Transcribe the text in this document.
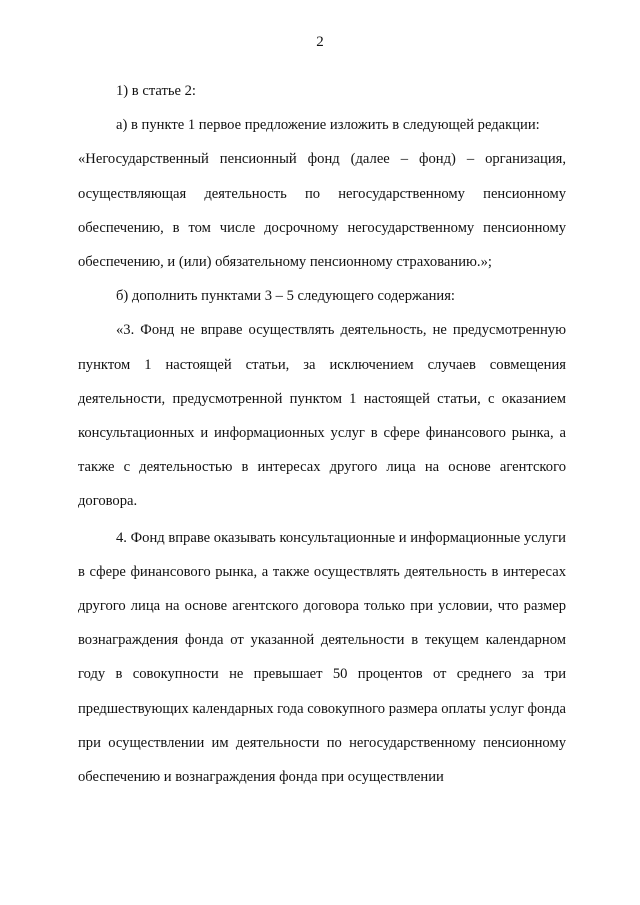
2

1) в статье 2:

а) в пункте 1 первое предложение изложить в следующей редакции:

«Негосударственный пенсионный фонд (далее – фонд) – организация, осуществляющая деятельность по негосударственному пенсионному обеспечению, в том числе досрочному негосударственному пенсионному обеспечению, и (или) обязательному пенсионному страхованию.»;

б) дополнить пунктами 3 – 5 следующего содержания:

«3. Фонд не вправе осуществлять деятельность, не предусмотренную пунктом 1 настоящей статьи, за исключением случаев совмещения деятельности, предусмотренной пунктом 1 настоящей статьи, с оказанием консультационных и информационных услуг в сфере финансового рынка, а также с деятельностью в интересах другого лица на основе агентского договора.

4. Фонд вправе оказывать консультационные и информационные услуги в сфере финансового рынка, а также осуществлять деятельность в интересах другого лица на основе агентского договора только при условии, что размер вознаграждения фонда от указанной деятельности в текущем календарном году в совокупности не превышает 50 процентов от среднего за три предшествующих календарных года совокупного размера оплаты услуг фонда при осуществлении им деятельности по негосударственному пенсионному обеспечению и вознаграждения фонда при осуществлении
